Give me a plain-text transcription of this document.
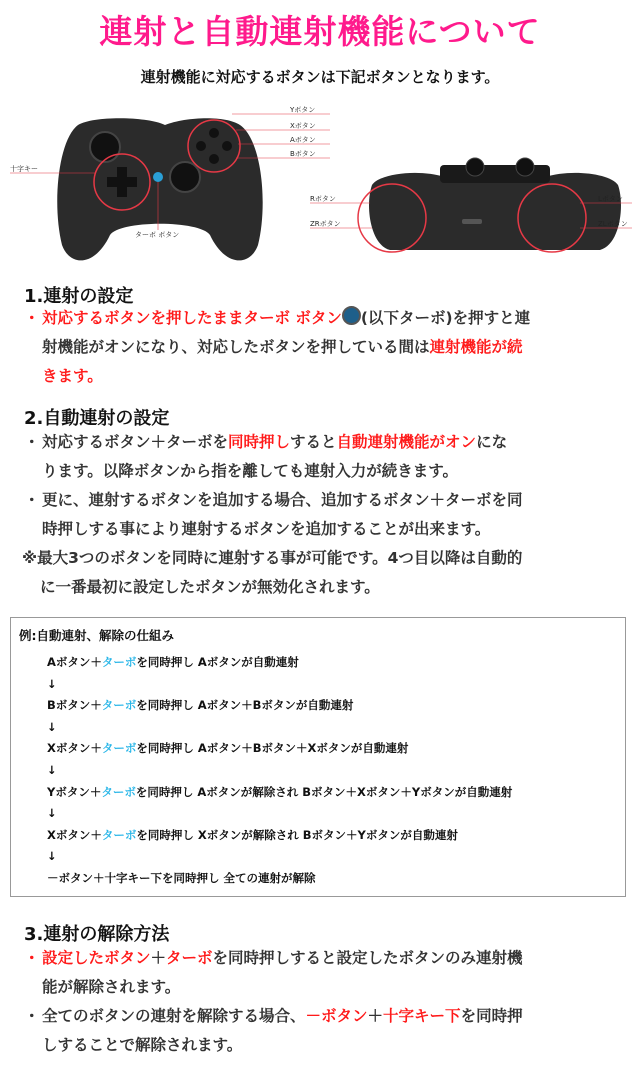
連射と自動連射機能について
連射機能に対応するボタンは下記ボタンとなります。
Yボタン
Xボタン
Aボタン
Bボタン
十字キー
ターボ ボタン
Rボタン
ZRボタン
Lボタン
ZLボタン
1.連射の設定
・ 対応するボタンを押したままターボ ボタン (以下ターボ)を押すと連
射機能がオンになり、対応したボタンを押している間は連射機能が続
きます。
2.自動連射の設定
・ 対応するボタン＋ターボを同時押しすると自動連射機能がオンにな
ります。以降ボタンから指を離しても連射入力が続きます。
・ 更に、連射するボタンを追加する場合、追加するボタン＋ターボを同
時押しする事により連射するボタンを追加することが出来ます。

※最大3つのボタンを同時に連射する事が可能です。4つ目以降は自動的
に一番最初に設定したボタンが無効化されます。

例:自動連射、解除の仕組み
Aボタン＋ターボを同時押し Aボタンが自動連射
↓
Bボタン＋ターボを同時押し Aボタン＋Bボタンが自動連射
↓
Xボタン＋ターボを同時押し Aボタン＋Bボタン＋Xボタンが自動連射
↓
Yボタン＋ターボを同時押し Aボタンが解除され Bボタン＋Xボタン＋Yボタンが自動連射
↓
Xボタン＋ターボを同時押し Xボタンが解除され Bボタン＋Yボタンが自動連射
↓
－ボタン＋十字キー下を同時押し 全ての連射が解除
3.連射の解除方法
・ 設定したボタン＋ターボを同時押しすると設定したボタンのみ連射機
能が解除されます。
・ 全てのボタンの連射を解除する場合、－ボタン＋十字キー下を同時押
しすることで解除されます。
